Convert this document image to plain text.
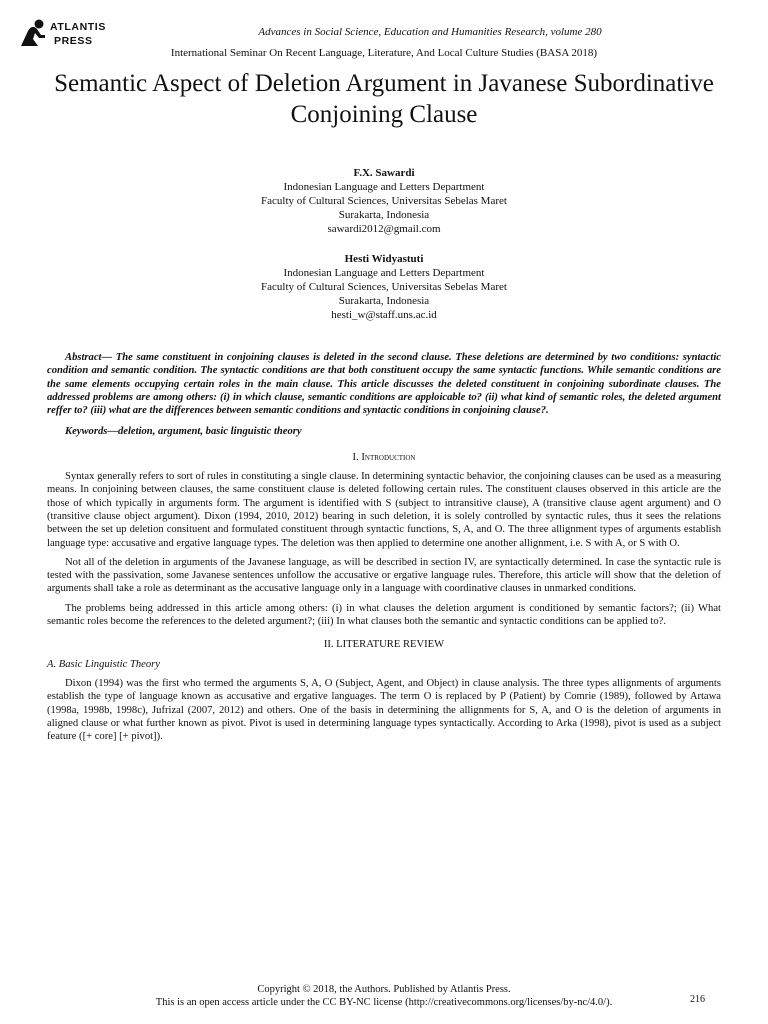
ATLANTIS
PRESS
Advances in Social Science, Education and Humanities Research, volume 280
International Seminar On Recent Language, Literature, And Local Culture Studies (BASA 2018)
Semantic Aspect of Deletion Argument in Javanese Subordinative Conjoining Clause
F.X. Sawardi
Indonesian Language and Letters Department
Faculty of Cultural Sciences, Universitas Sebelas Maret
Surakarta, Indonesia
sawardi2012@gmail.com
Hesti Widyastuti
Indonesian Language and Letters Department
Faculty of Cultural Sciences, Universitas Sebelas Maret
Surakarta, Indonesia
hesti_w@staff.uns.ac.id

Abstract— The same constituent in conjoining clauses is deleted in the second clause. These deletions are determined by two conditions: syntactic condition and semantic condition. The syntactic conditions are that both constituent occupy the same syntactic functions. While semantic conditions are the same elements occupying certain roles in the main clause. This article discusses the deleted constituent in conjoining subordinate clauses. The addressed problems are among others: (i) in which clause, semantic conditions are apploicable to? (ii) what kind of semantic roles, the deleted argument reffer to? (iii) what are the differences between semantic conditions and syntactic conditions in conjoining clause?.

Keywords—deletion, argument, basic linguistic theory

I. Introduction

Syntax generally refers to sort of rules in constituting a single clause. In determining syntactic behavior, the conjoining clauses can be used as a measuring means. In conjoining between clauses, the same constituent clause is deleted following certain rules. The constituent clauses observed in this article are the those of which typically in arguments form. The argument is identified with S (subject to intransitive clause), A (transitive clause agent argument) and O (transitive clause object argument). Dixon (1994, 2010, 2012) bearing in such deletion, it is solely controlled by syntactic rules, thus it sees the relations between the set up deletion consituent and formulated constituent through syntactic functions, S, A, and O. The three allignment types of arguments establish language type: accusative and ergative language types. The deletion was then applied to determine one another allignment, i.e. S with A, or S with O.

Not all of the deletion in arguments of the Javanese language, as will be described in section IV, are syntactically determined. In case the syntactic rule is tested with the passivation, some Javanese sentences unfollow the accusative or ergative language rules. Therefore, this article will show that the deletion of arguments shall take a role as determinant as the accusative language only in a language with coordinative clauses in unmarked conditions.

The problems being addressed in this article among others: (i) in what clauses the deletion argument is conditioned by semantic factors?; (ii) What semantic roles become the references to the deleted argument?; (iii) In what clauses both the semantic and syntactic conditions can be applied to?.

II. LITERATURE REVIEW
A. Basic Linguistic Theory

Dixon (1994) was the first who termed the arguments S, A, O (Subject, Agent, and Object) in clause analysis. The three types allignments of arguments establish the type of language known as accusative and ergative languages. The term O is replaced by P (Patient) by Comrie (1989), followed by Artawa (1998a, 1998b, 1998c), Jufrizal (2007, 2012) and others. One of the basis in determining the allignments for S, A, and O is the deletion of arguments in aligned clause or what further known as pivot. Pivot is used in determining language types syntactically. According to Arka (1998), pivot is used as a subject feature ([+ core] [+ pivot]).

Copyright © 2018, the Authors. Published by Atlantis Press.
This is an open access article under the CC BY-NC license (http://creativecommons.org/licenses/by-nc/4.0/).	216
